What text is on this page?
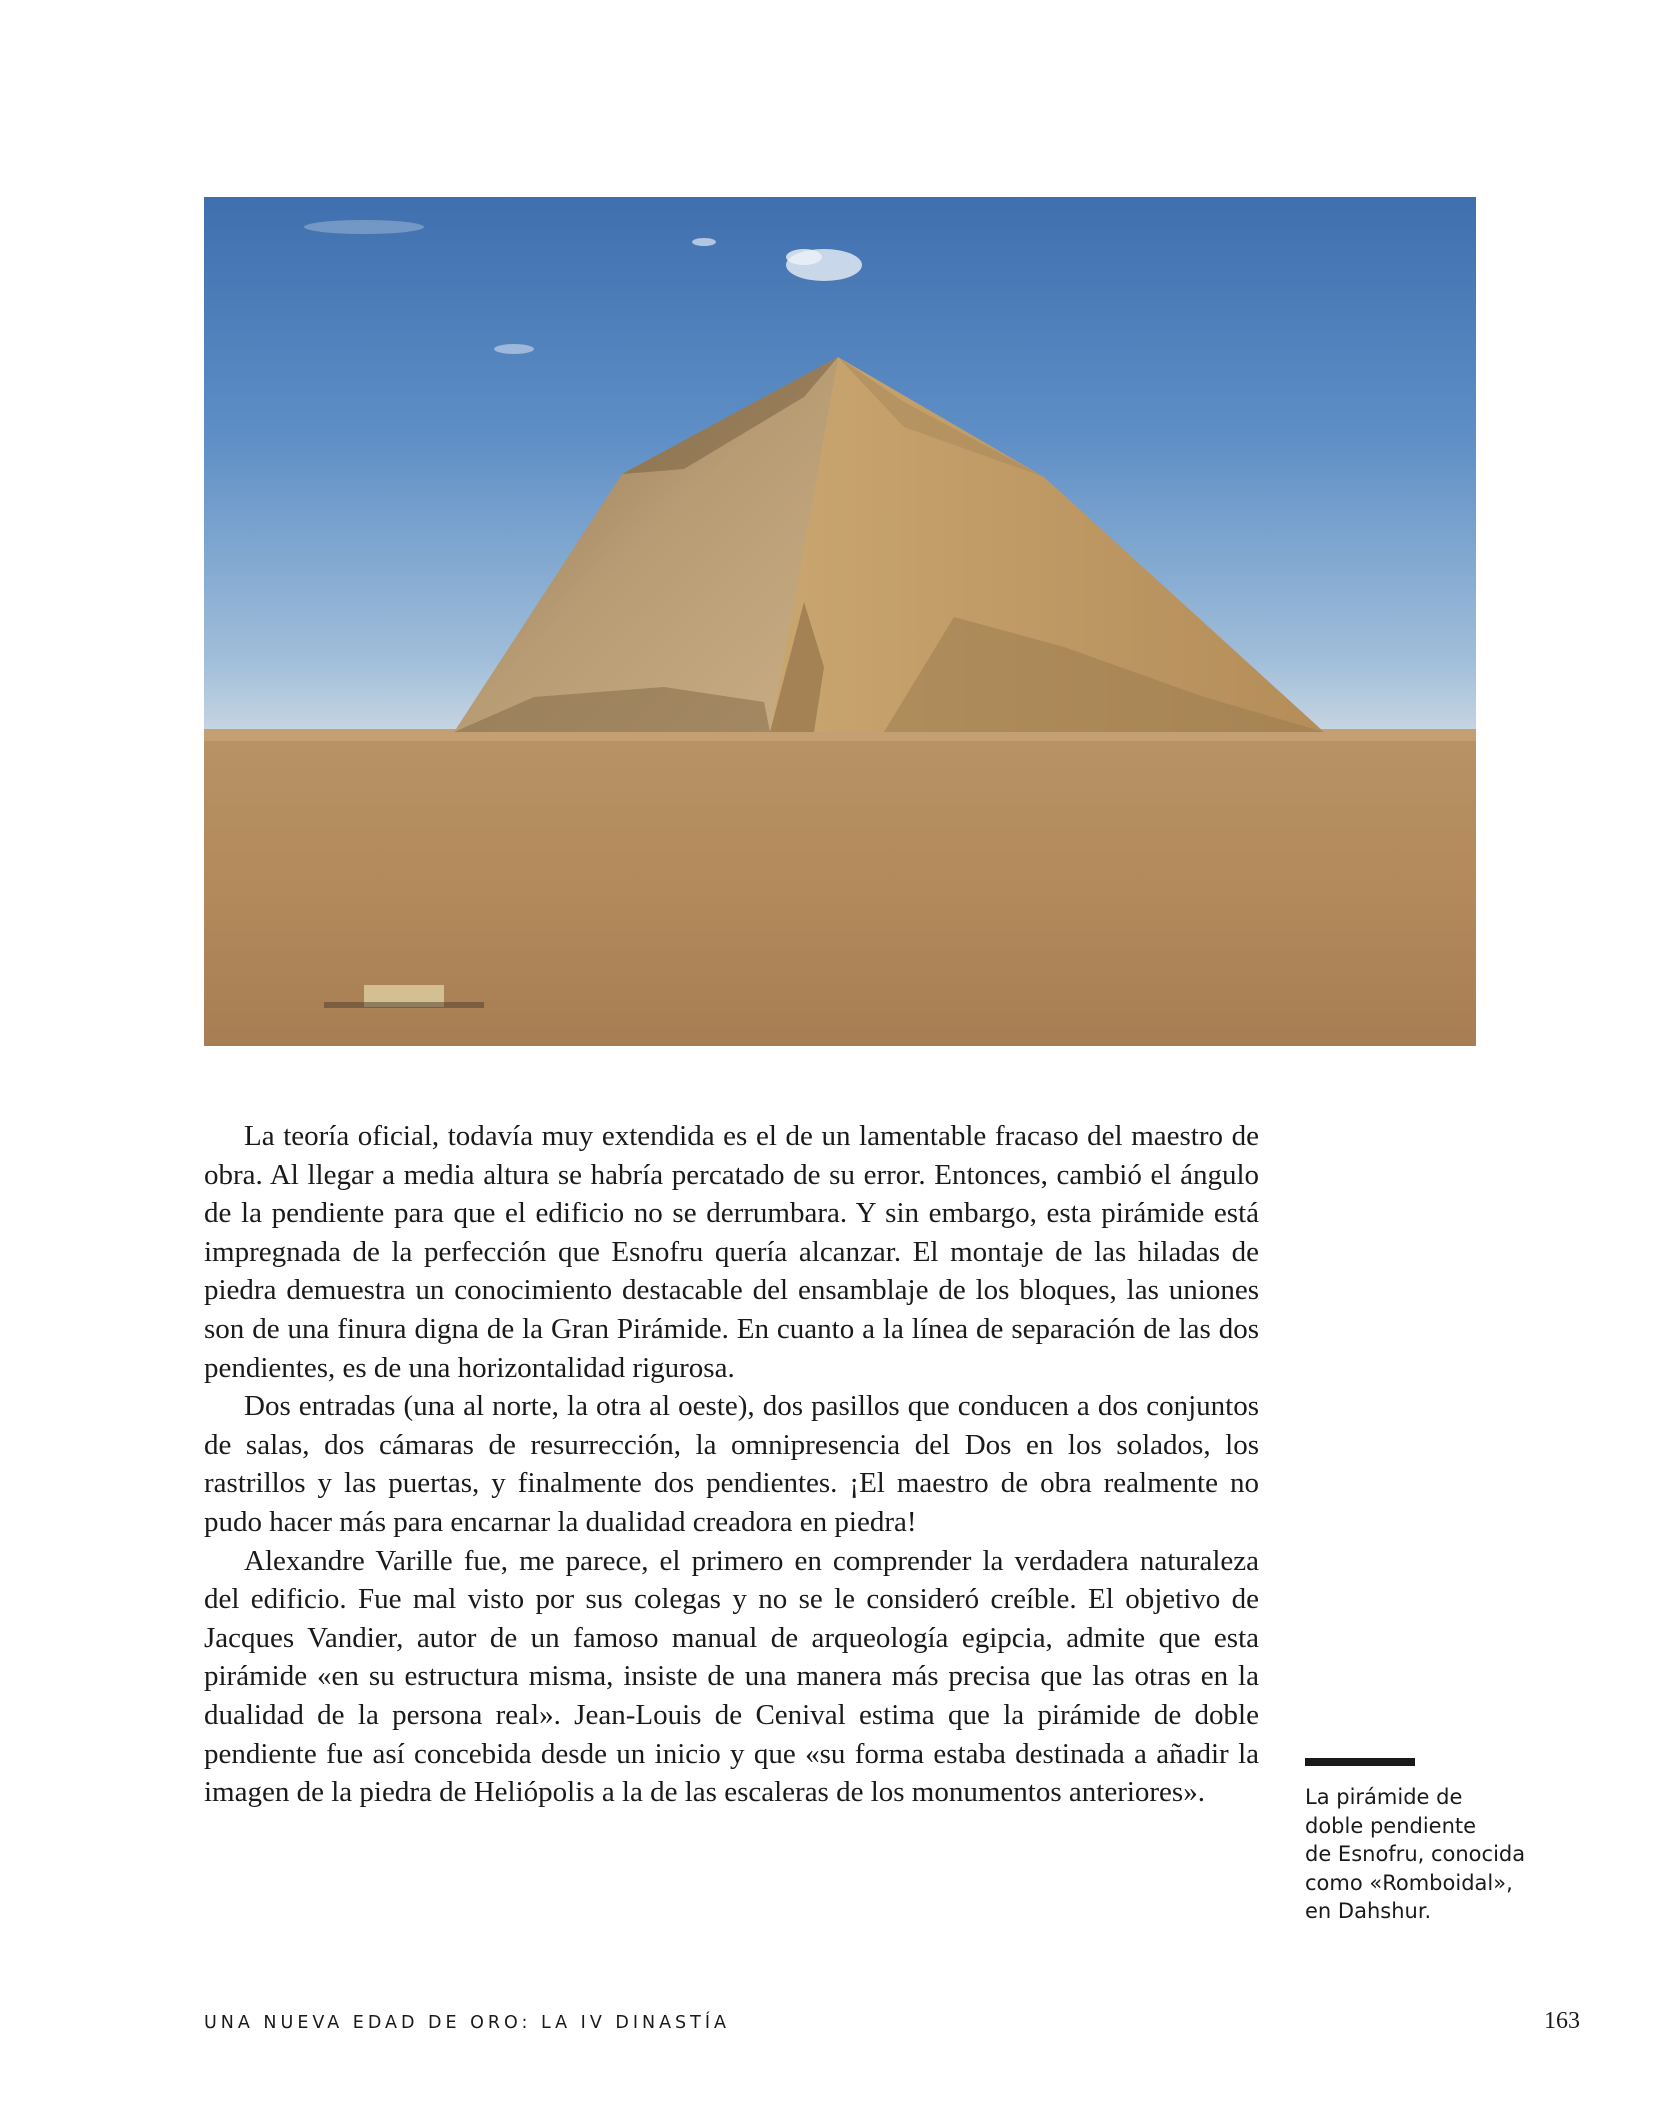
La teoría oficial, todavía muy extendida es el de un lamentable fracaso del maestro de obra. Al llegar a media altura se habría percatado de su error. Entonces, cambió el ángulo de la pendiente para que el edificio no se derrumbara. Y sin embargo, esta pirámide está impregnada de la perfección que Esnofru quería alcanzar. El montaje de las hiladas de piedra demuestra un conocimiento destacable del ensamblaje de los bloques, las uniones son de una finura digna de la Gran Pirámide. En cuanto a la línea de separación de las dos pendientes, es de una horizontalidad rigurosa.

Dos entradas (una al norte, la otra al oeste), dos pasillos que conducen a dos conjuntos de salas, dos cámaras de resurrección, la omnipresencia del Dos en los solados, los rastrillos y las puertas, y finalmente dos pendientes. ¡El maestro de obra realmente no pudo hacer más para encarnar la dualidad creadora en piedra!

Alexandre Varille fue, me parece, el primero en comprender la verdadera naturaleza del edificio. Fue mal visto por sus colegas y no se le consideró creíble. El objetivo de Jacques Vandier, autor de un famoso manual de arqueología egipcia, admite que esta pirámide «en su estructura misma, insiste de una manera más precisa que las otras en la dualidad de la persona real». Jean-Louis de Cenival estima que la pirámide de doble pendiente fue así concebida desde un inicio y que «su forma estaba destinada a añadir la imagen de la piedra de Heliópolis a la de las escaleras de los monumentos anteriores».	La pirámide de
doble pendiente
de Esnofru, conocida
como «Romboidal»,
en Dahshur.
UNA NUEVA EDAD DE ORO: LA IV DINASTÍA	163
